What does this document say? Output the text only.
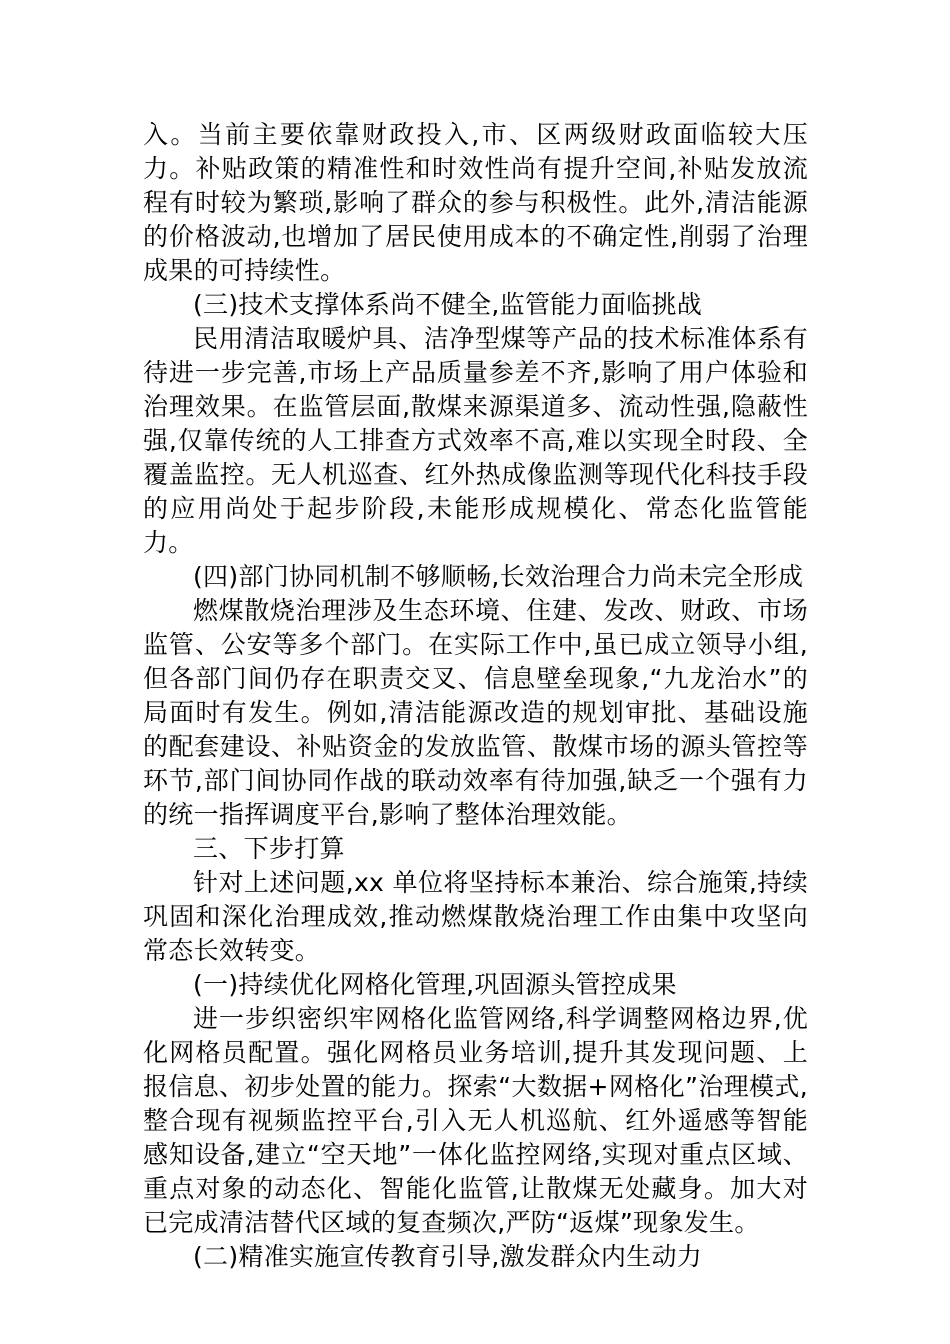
入。当前主要依靠财政投入,市、区两级财政面临较大压力。补贴政策的精准性和时效性尚有提升空间,补贴发放流程有时较为繁琐,影响了群众的参与积极性。此外,清洁能源的价格波动,也增加了居民使用成本的不确定性,削弱了治理成果的可持续性。

(三)技术支撑体系尚不健全,监管能力面临挑战

民用清洁取暖炉具、洁净型煤等产品的技术标准体系有待进一步完善,市场上产品质量参差不齐,影响了用户体验和治理效果。在监管层面,散煤来源渠道多、流动性强,隐蔽性强,仅靠传统的人工排查方式效率不高,难以实现全时段、全覆盖监控。无人机巡查、红外热成像监测等现代化科技手段的应用尚处于起步阶段,未能形成规模化、常态化监管能力。

(四)部门协同机制不够顺畅,长效治理合力尚未完全形成

燃煤散烧治理涉及生态环境、住建、发改、财政、市场监管、公安等多个部门。在实际工作中,虽已成立领导小组,但各部门间仍存在职责交叉、信息壁垒现象,“九龙治水”的局面时有发生。例如,清洁能源改造的规划审批、基础设施的配套建设、补贴资金的发放监管、散煤市场的源头管控等环节,部门间协同作战的联动效率有待加强,缺乏一个强有力的统一指挥调度平台,影响了整体治理效能。

三、下步打算

针对上述问题,xx 单位将坚持标本兼治、综合施策,持续巩固和深化治理成效,推动燃煤散烧治理工作由集中攻坚向常态长效转变。

(一)持续优化网格化管理,巩固源头管控成果

进一步织密织牢网格化监管网络,科学调整网格边界,优化网格员配置。强化网格员业务培训,提升其发现问题、上报信息、初步处置的能力。探索“大数据+网格化”治理模式,整合现有视频监控平台,引入无人机巡航、红外遥感等智能感知设备,建立“空天地”一体化监控网络,实现对重点区域、重点对象的动态化、智能化监管,让散煤无处藏身。加大对已完成清洁替代区域的复查频次,严防“返煤”现象发生。

(二)精准实施宣传教育引导,激发群众内生动力
